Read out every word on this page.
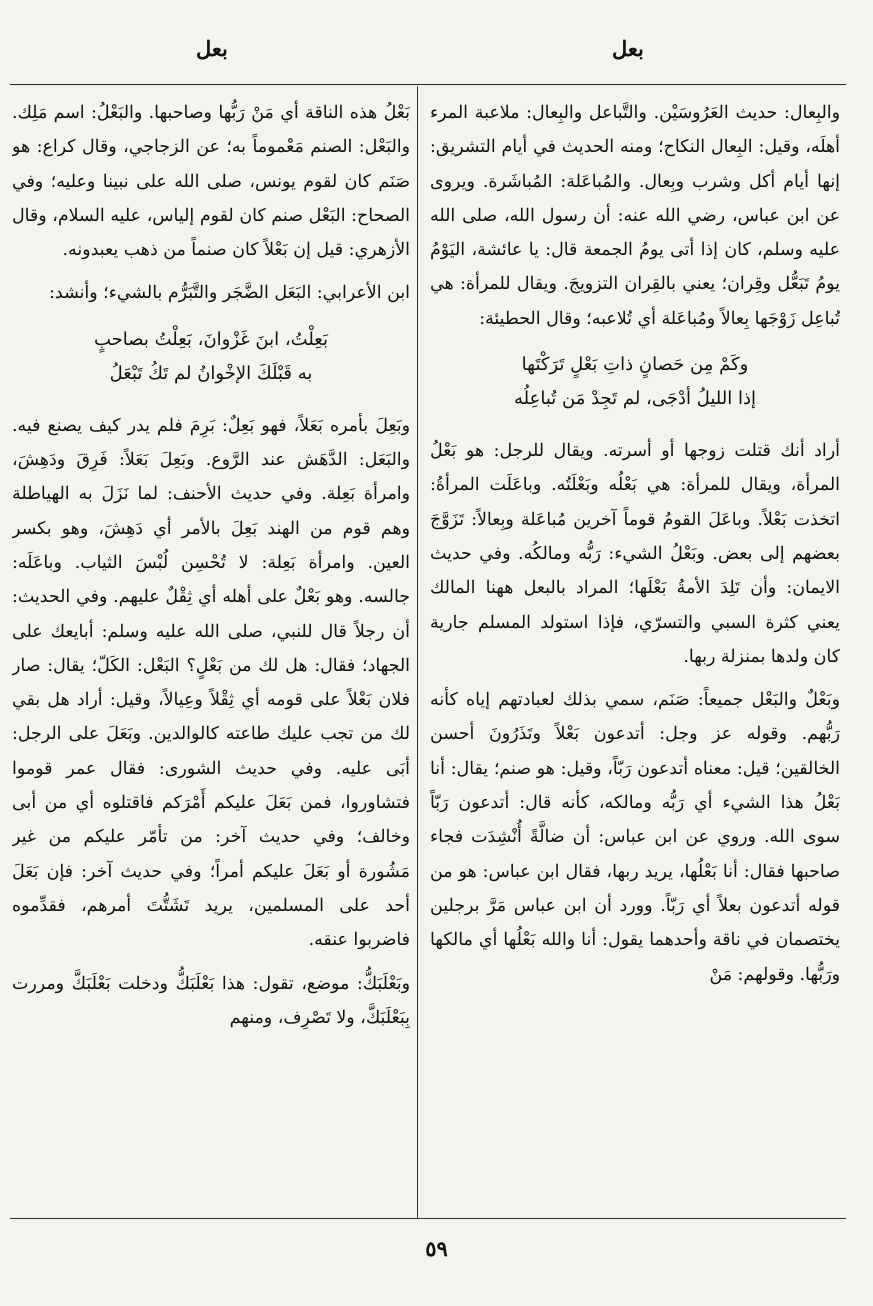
بعل
بعل

والبِعال: حديث العَرُوسَيْن. والتَّباعل والبِعال: ملاعبة المرء أهلَه، وقيل: البِعال النكاح؛ ومنه الحديث في أيام التشريق: إنها أيام أكل وشرب وبِعال. والمُباعَلة: المُباشَرة. ويروى عن ابن عباس، رضي الله عنه: أن رسول الله، صلى الله عليه وسلم، كان إذا أتى يومُ الجمعة قال: يا عائشة، اليَوْمُ يومُ تَبَعُّل وقِران؛ يعني بالقِران التزويجَ. ويقال للمرأة: هي تُباعِل زَوْجَها بِعالاً ومُباعَلة أي تُلاعبه؛ وقال الحطيئة:

وكَمْ مِن حَصانٍ ذاتِ بَعْلٍ تَرَكْتَها
إذا الليلُ أدْجَى، لم تَجِدْ مَن تُباعِلُه

أراد أنك قتلت زوجها أو أسرته. ويقال للرجل: هو بَعْلُ المرأة، ويقال للمرأة: هي بَعْلُه وبَعْلَتُه. وباعَلَت المرأةُ: اتخذت بَعْلاً. وباعَلَ القومُ قوماً آخرين مُباعَلة وبِعالاً: تَزَوَّجَ بعضهم إلى بعض. وبَعْلُ الشيء: رَبُّه ومالكُه. وفي حديث الايمان: وأن تَلِدَ الأمةُ بَعْلَها؛ المراد بالبعل ههنا المالك يعني كثرة السبي والتسرّي، فإذا استولد المسلم جارية كان ولدها بمنزلة ربها.

وبَعْلٌ والبَعْل جميعاً: صَنَم، سمي بذلك لعبادتهم إياه كأنه رَبُّهم. وقوله عز وجل: أتدعون بَعْلاً وتَذَرُونَ أحسن الخالقين؛ قيل: معناه أتدعون رَبّاً، وقيل: هو صنم؛ يقال: أنا بَعْلُ هذا الشيء أي رَبُّه ومالكه، كأنه قال: أتدعون رَبّاً سوى الله. وروي عن ابن عباس: أن ضالَّةً أُنْشِدَت فجاء صاحبها فقال: أنا بَعْلُها، يريد ربها، فقال ابن عباس: هو من قوله أتدعون بعلاً أي رَبّاً. وورد أن ابن عباس مَرَّ برجلين يختصمان في ناقة وأحدهما يقول: أنا والله بَعْلُها أي مالكها ورَبُّها. وقولهم: مَنْ

بَعْلُ هذه الناقة أي مَنْ رَبُّها وصاحبها. والبَعْلُ: اسم مَلِك. والبَعْل: الصنم مَعْموماً به؛ عن الزجاجي، وقال كراع: هو صَنَم كان لقوم يونس، صلى الله على نبينا وعليه؛ وفي الصحاح: البَعْل صنم كان لقوم إلياس، عليه السلام، وقال الأزهري: قيل إن بَعْلاً كان صنماً من ذهب يعبدونه.

ابن الأعرابي: البَعَل الضَّجَر والتَّبَرُّم بالشيء؛ وأنشد:

بَعِلْتُ، ابنَ غَزْوانَ، بَعِلْتُ بصاحبٍ
به قَبْلَكَ الإخْوانُ لم تَكُ تَبْعَلُ

وبَعِلَ بأمره بَعَلاً، فهو بَعِلٌ: بَرِمَ فلم يدر كيف يصنع فيه. والبَعَل: الدَّهَش عند الرَّوع. وبَعِلَ بَعَلاً: فَرِقَ ودَهِشَ، وامرأة بَعِلة. وفي حديث الأحنف: لما نَزَلَ به الهياطلة وهم قوم من الهند بَعِلَ بالأمر أي دَهِشَ، وهو بكسر العين. وامرأة بَعِلة: لا تُحْسِن لُبْسَ الثياب. وباعَلَه: جالسه. وهو بَعْلٌ على أهله أي ثِقْلٌ عليهم. وفي الحديث: أن رجلاً قال للنبي، صلى الله عليه وسلم: أبايعك على الجهاد؛ فقال: هل لك من بَعْلٍ؟ البَعْل: الكَلّ؛ يقال: صار فلان بَعْلاً على قومه أي ثِقْلاً وعِيالاً، وقيل: أراد هل بقي لك من تجب عليك طاعته كالوالدين. وبَعَلَ على الرجل: أبَى عليه. وفي حديث الشورى: فقال عمر قوموا فتشاوروا، فمن بَعَلَ عليكم أَمْرَكم فاقتلوه أي من أبى وخالف؛ وفي حديث آخر: من تأمّر عليكم من غير مَشُورة أو بَعَلَ عليكم أمراً؛ وفي حديث آخر: فإن بَعَلَ أحد على المسلمين، يريد تَشَتُّتَ أمرهم، فقدِّموه فاضربوا عنقه.

وبَعْلَبَكُّ: موضع، تقول: هذا بَعْلَبَكُّ ودخلت بَعْلَبَكَّ ومررت بِبَعْلَبَكَّ، ولا تَصْرِف، ومنهم

٥٩
